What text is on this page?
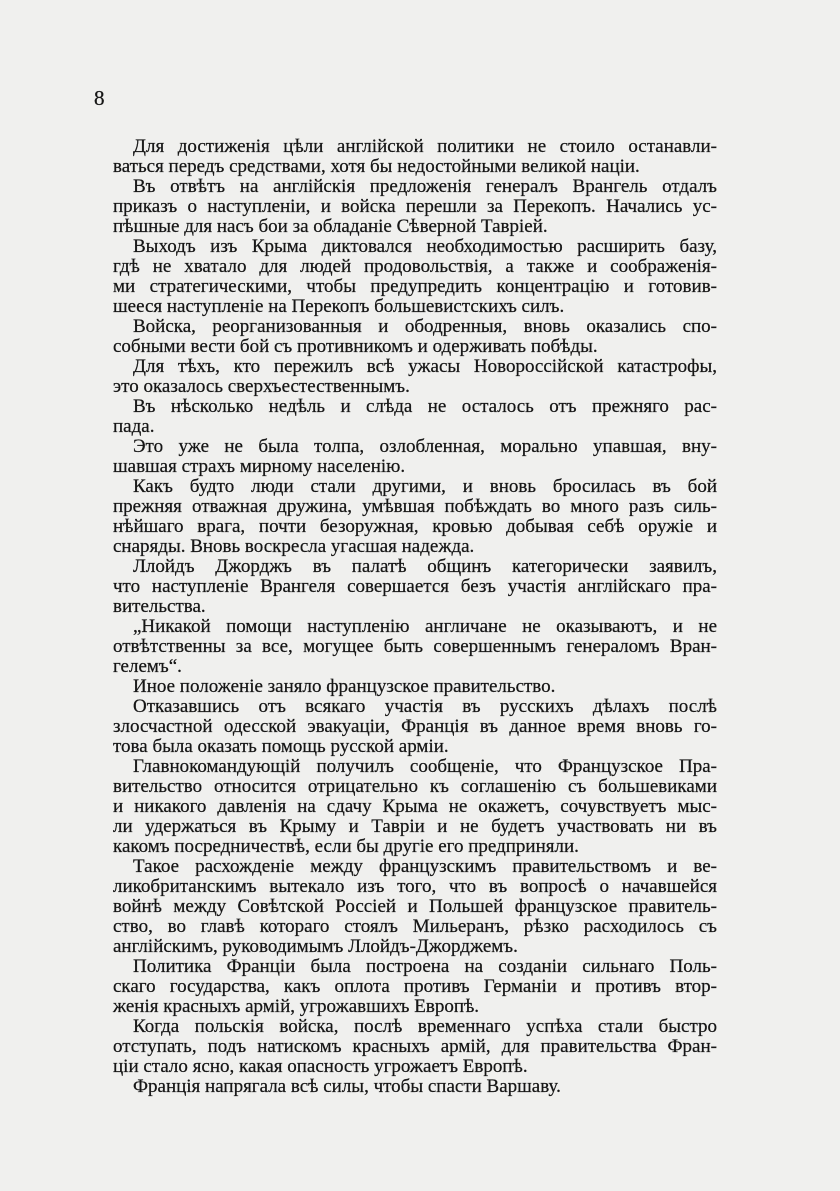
8
Для достиженія цѣли англійской политики не стоило останавли-
ваться передъ средствами, хотя бы недостойными великой націи.
Въ отвѣтъ на англійскія предложенія генералъ Врангель отдалъ
приказъ о наступленіи, и войска перешли за Перекопъ. Начались ус-
пѣшные для насъ бои за обладаніе Сѣверной Тавріей.
Выходъ изъ Крыма диктовался необходимостью расширить базу,
гдѣ не хватало для людей продовольствія, а также и соображенія-
ми стратегическими, чтобы предупредить концентрацію и готовив-
шееся наступленіе на Перекопъ большевистскихъ силъ.
Войска, реорганизованныя и ободренныя, вновь оказались спо-
собными вести бой съ противникомъ и одерживать побѣды.
Для тѣхъ, кто пережилъ всѣ ужасы Новороссійской катастрофы,
это оказалось сверхъестественнымъ.
Въ нѣсколько недѣль и слѣда не осталось отъ прежняго рас-
пада.
Это уже не была толпа, озлобленная, морально упавшая, вну-
шавшая страхъ мирному населенію.
Какъ будто люди стали другими, и вновь бросилась въ бой
прежняя отважная дружина, умѣвшая побѣждать во много разъ силь-
нѣйшаго врага, почти безоружная, кровью добывая себѣ оружіе и
снаряды. Вновь воскресла угасшая надежда.
Ллойдъ Джорджъ въ палатѣ общинъ категорически заявилъ,
что наступленіе Врангеля совершается безъ участія англійскаго пра-
вительства.
„Никакой помощи наступленію англичане не оказываютъ, и не
отвѣтственны за все, могущее быть совершеннымъ генераломъ Вран-
гелемъ“.
Иное положеніе заняло французское правительство.
Отказавшись отъ всякаго участія въ русскихъ дѣлахъ послѣ
злосчастной одесской эвакуаціи, Франція въ данное время вновь го-
това была оказать помощь русской арміи.
Главнокомандующій получилъ сообщеніе, что Французское Пра-
вительство относится отрицательно къ соглашенію съ большевиками
и никакого давленія на сдачу Крыма не окажетъ, сочувствуетъ мыс-
ли удержаться въ Крыму и Тавріи и не будетъ участвовать ни въ
какомъ посредничествѣ, если бы другіе его предприняли.
Такое расхожденіе между французскимъ правительствомъ и ве-
ликобританскимъ вытекало изъ того, что въ вопросѣ о начавшейся
войнѣ между Совѣтской Россіей и Польшей французское правитель-
ство, во главѣ котораго стоялъ Мильеранъ, рѣзко расходилось съ
англійскимъ, руководимымъ Ллойдъ-Джорджемъ.
Политика Франціи была построена на созданіи сильнаго Поль-
скаго государства, какъ оплота противъ Германіи и противъ втор-
женія красныхъ армій, угрожавшихъ Европѣ.
Когда польскія войска, послѣ временнаго успѣха стали быстро
отступать, подъ натискомъ красныхъ армій, для правительства Фран-
ціи стало ясно, какая опасность угрожаетъ Европѣ.
Франція напрягала всѣ силы, чтобы спасти Варшаву.
